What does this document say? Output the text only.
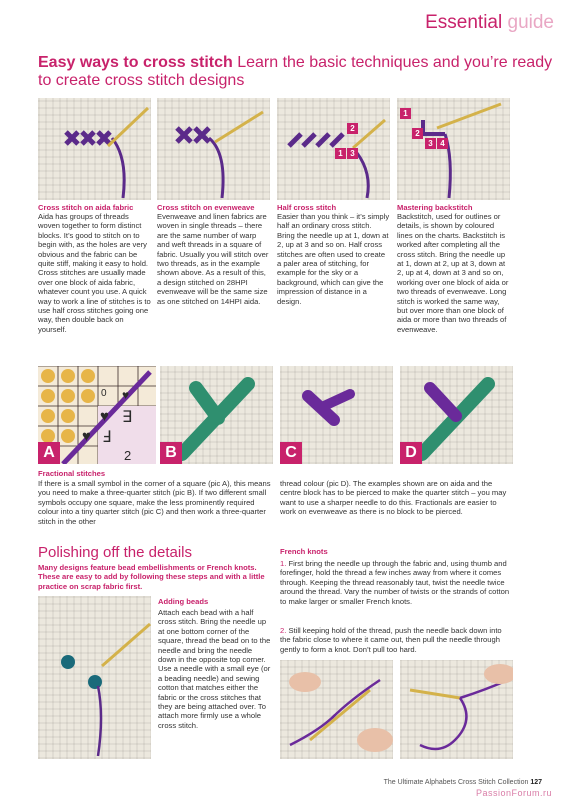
Essential guide
Easy ways to cross stitch Learn the basic techniques and you’re ready to create cross stitch designs
1
2
3
1
2
3 4
Cross stitch on aida fabric
Aida has groups of threads woven together to form distinct blocks. It’s good to stitch on to begin with, as the holes are very obvious and the fabric can be quite stiff, making it easy to hold. Cross stitches are usually made over one block of aida fabric, whatever count you use. A quick way to work a line of stitches is to use half cross stitches going one way, then double back on yourself.
Cross stitch on evenweave
Evenweave and linen fabrics are woven in single threads – there are the same number of warp and weft threads in a square of fabric. Usually you will stitch over two threads, as in the example shown above. As a result of this, a design stitched on 28HPI evenweave will be the same size as one stitched on 14HPI aida.
Half cross stitch
Easier than you think – it’s simply half an ordinary cross stitch. Bring the needle up at 1, down at 2, up at 3 and so on. Half cross stitches are often used to create a paler area of stitching, for example for the sky or a background, which can give the impression of distance in a design.
Mastering backstitch
Backstitch, used for outlines or details, is shown by coloured lines on the charts. Backstitch is worked after completing all the cross stitch. Bring the needle up at 1, down at 2, up at 3, down at 2, up at 4, down at 3 and so on, working over one block of aida or two threads of evenweave. Long stitch is worked the same way, but over more than one block of aida or more than two threads of evenweave.
0 ♥
♥ ∃
♥ Ⅎ
2
A	B	C	D
Fractional stitches
If there is a small symbol in the corner of a square (pic A), this means you need to make a three-quarter stitch (pic B). If two different small symbols occupy one square, make the less prominently required colour into a tiny quarter stitch (pic C) and then work a three-quarter stitch in the other
thread colour (pic D). The examples shown are on aida and the centre block has to be pierced to make the quarter stitch – you may want to use a sharper needle to do this. Fractionals are easier to work on evenweave as there is no block to be pierced.
Polishing off the details
Many designs feature bead embellishments or French knots. These are easy to add by following these steps and with a little practice on scrap fabric first.
Adding beads
Attach each bead with a half cross stitch. Bring the needle up at one bottom corner of the square, thread the bead on to the needle and bring the needle down in the opposite top corner. Use a needle with a small eye (or a beading needle) and sewing cotton that matches either the fabric or the cross stitches that they are being attached over. To attach more firmly use a whole cross stitch.
French knots
1. First bring the needle up through the fabric and, using thumb and forefinger, hold the thread a few inches away from where it comes through. Keeping the thread reasonably taut, twist the needle twice around the thread. Vary the number of twists or the strands of cotton to make larger or smaller French knots.
2. Still keeping hold of the thread, push the needle back down into the fabric close to where it came out, then pull the needle through gently to form a knot. Don’t pull too hard.
The Ultimate Alphabets Cross Stitch Collection 127
PassionForum.ru
